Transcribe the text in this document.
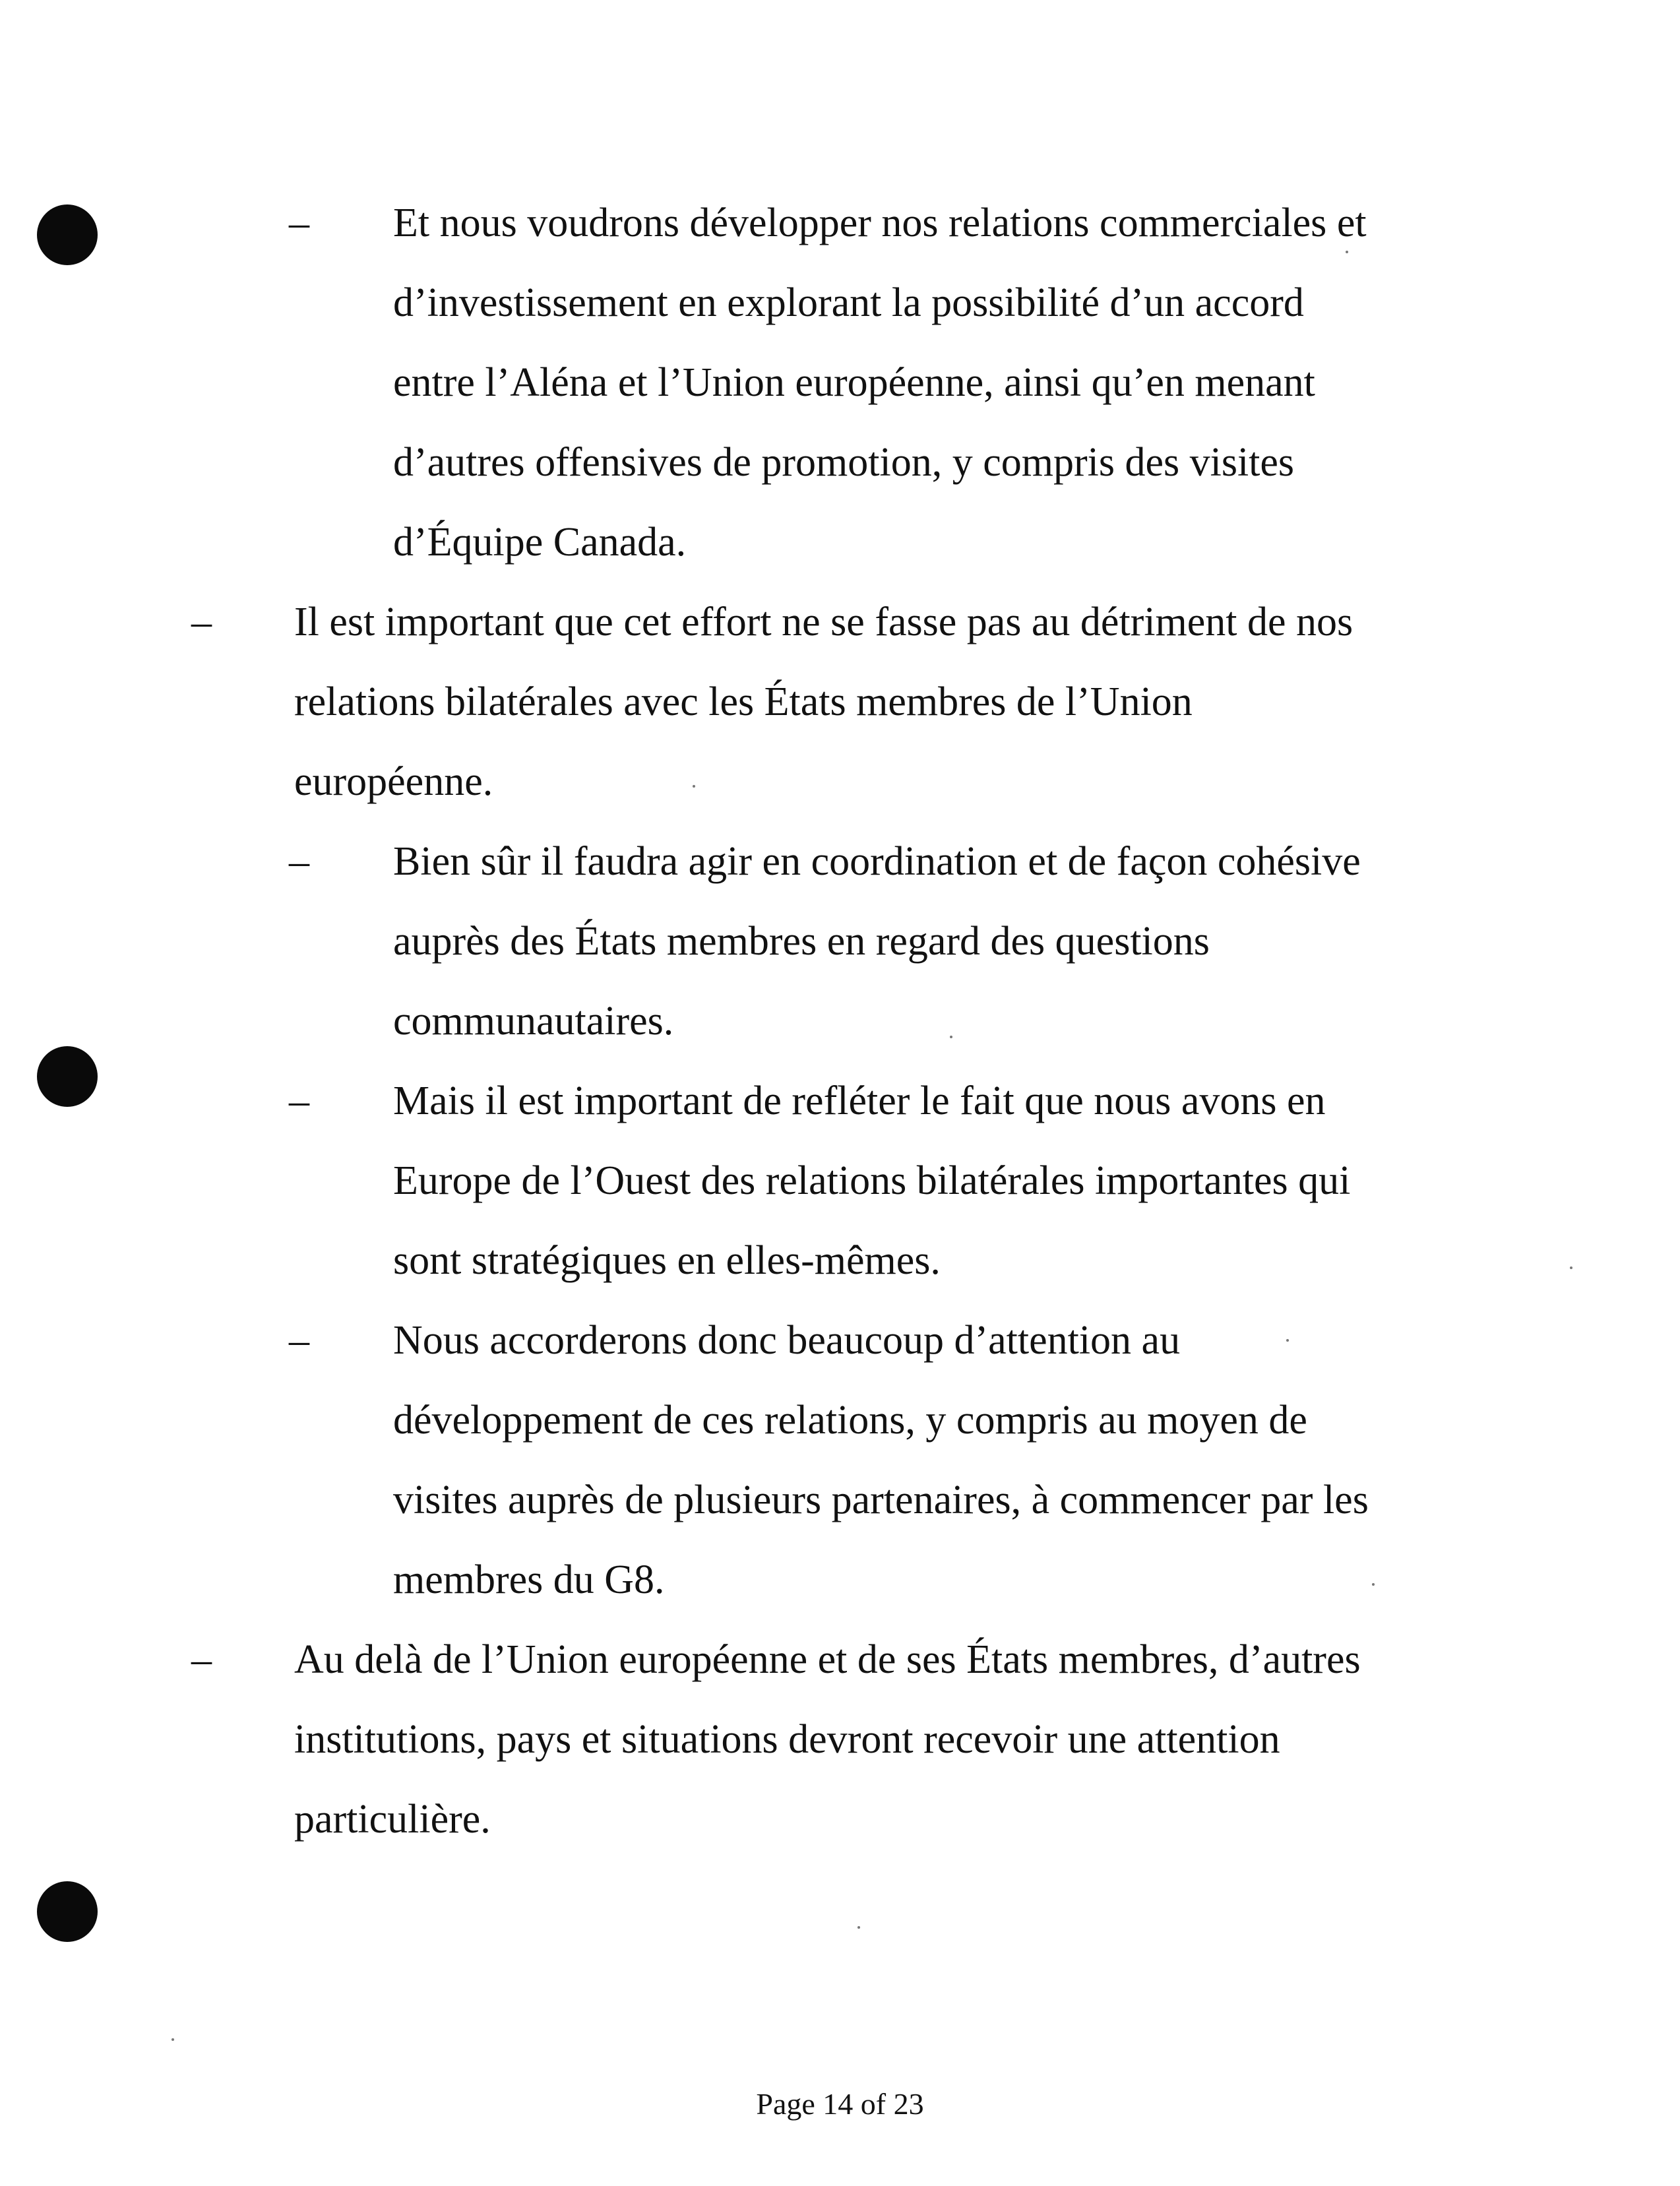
– Et nous voudrons développer nos relations commerciales et
d’investissement en explorant la possibilité d’un accord
entre l’Aléna et l’Union européenne, ainsi qu’en menant
d’autres offensives de promotion, y compris des visites
d’Équipe Canada.
– Il est important que cet effort ne se fasse pas au détriment de nos
relations bilatérales avec les États membres de l’Union
européenne.
– Bien sûr il faudra agir en coordination et de façon cohésive
auprès des États membres en regard des questions
communautaires.
– Mais il est important de refléter le fait que nous avons en
Europe de l’Ouest des relations bilatérales importantes qui
sont stratégiques en elles-mêmes.
– Nous accorderons donc beaucoup d’attention au
développement de ces relations, y compris au moyen de
visites auprès de plusieurs partenaires, à commencer par les
membres du G8.
– Au delà de l’Union européenne et de ses États membres, d’autres
institutions, pays et situations devront recevoir une attention
particulière.
Page 14 of 23
